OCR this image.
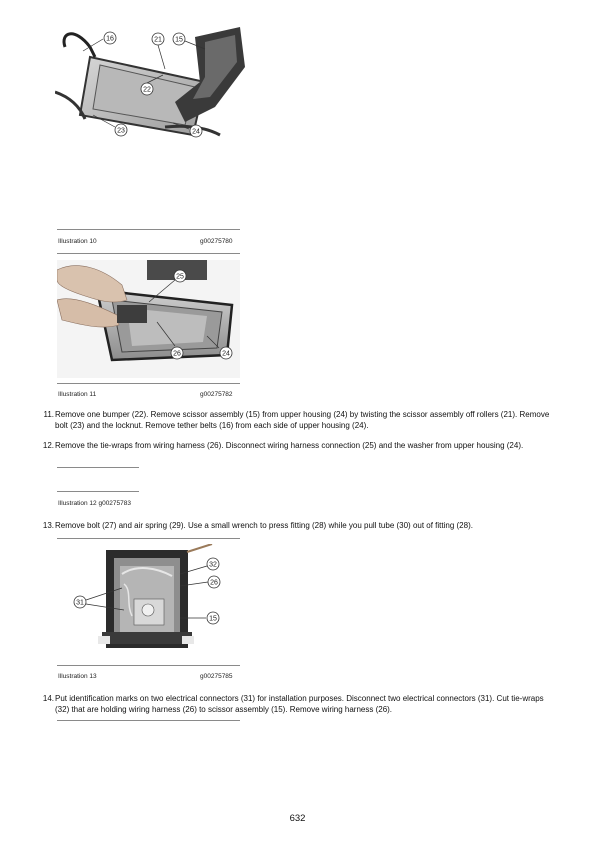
16	21 15
22
23	24
Illustration 10	g00275780
25
26	24
Illustration 11	g00275782
11. Remove one bumper (22). Remove scissor assembly (15) from upper housing (24) by twisting the scissor assembly off rollers (21). Remove bolt (23) and the locknut. Remove tether belts (16) from each side of upper housing (24).
12. Remove the tie-wraps from wiring harness (26). Disconnect wiring harness connection (25) and the washer from upper housing (24).
Illustration 12 g00275783
13. Remove bolt (27) and air spring (29). Use a small wrench to press fitting (28) while you pull tube (30) out of fitting (28).
32
26
31
15
Illustration 13	g00275785
14. Put identification marks on two electrical connectors (31) for installation purposes. Disconnect two electrical connectors (31). Cut tie-wraps (32) that are holding wiring harness (26) to scissor assembly (15). Remove wiring harness (26).
632
